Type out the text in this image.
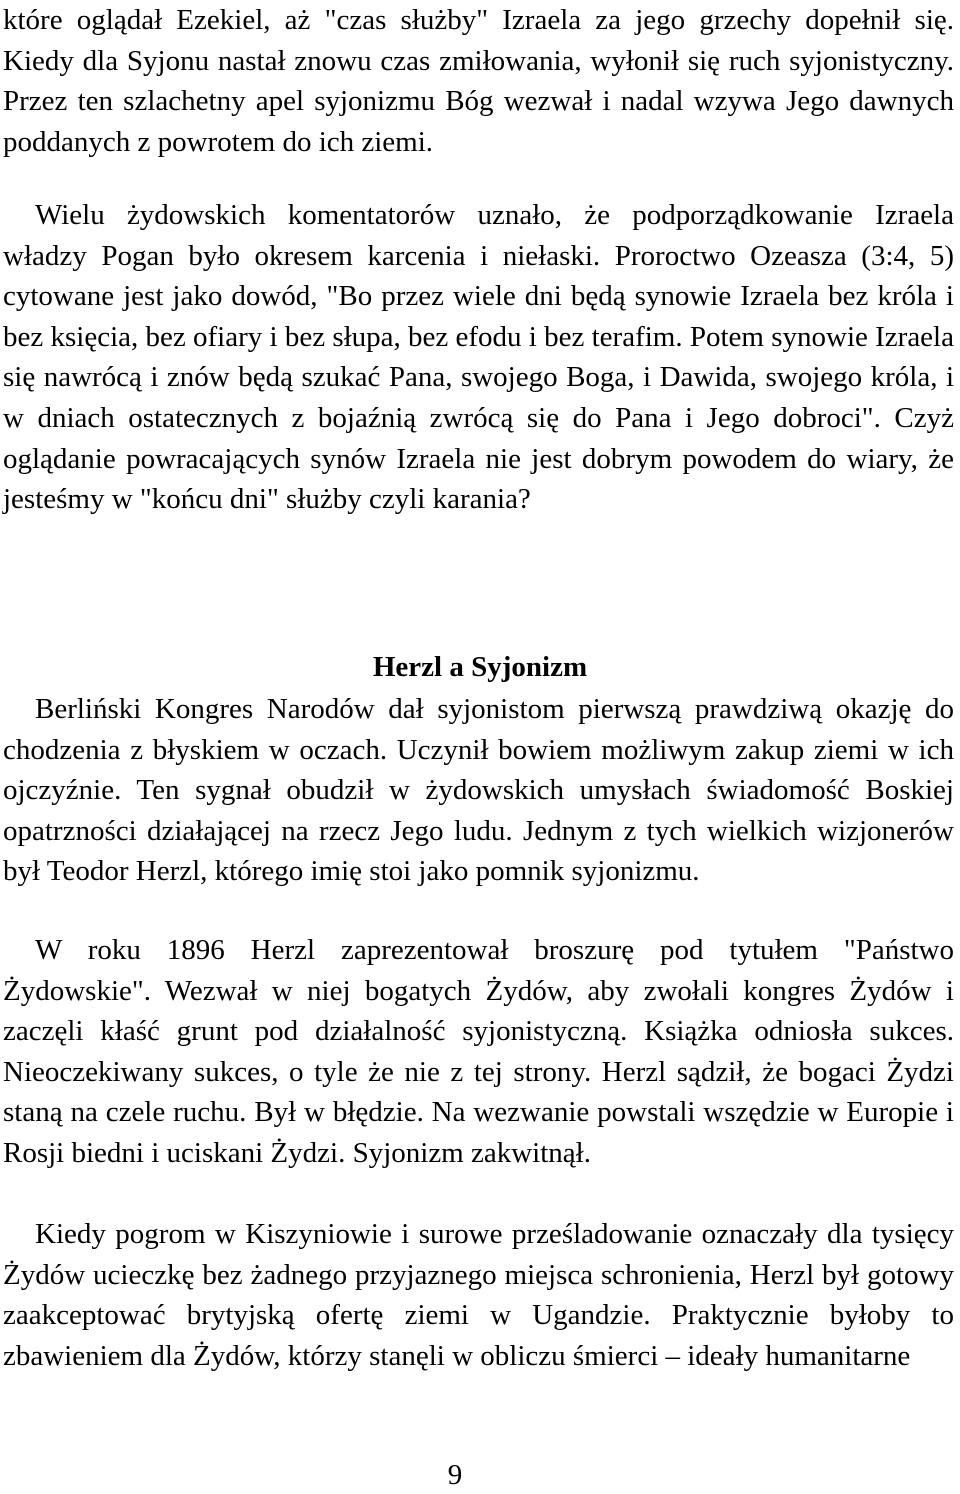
które oglądał Ezekiel, aż "czas służby" Izraela za jego grzechy dopełnił się. Kiedy dla Syjonu nastał znowu czas zmiłowania, wyłonił się ruch syjonistyczny. Przez ten szlachetny apel syjonizmu Bóg wezwał i nadal wzywa Jego dawnych poddanych z powrotem do ich ziemi.

Wielu żydowskich komentatorów uznało, że podporządkowanie Izraela władzy Pogan było okresem karcenia i niełaski. Proroctwo Ozeasza (3:4, 5) cytowane jest jako dowód, "Bo przez wiele dni będą synowie Izraela bez króla i bez księcia, bez ofiary i bez słupa, bez efodu i bez terafim. Potem synowie Izraela się nawrócą i znów będą szukać Pana, swojego Boga, i Dawida, swojego króla, i w dniach ostatecznych z bojaźnią zwrócą się do Pana i Jego dobroci". Czyż oglądanie powracających synów Izraela nie jest dobrym powodem do wiary, że jesteśmy w "końcu dni" służby czyli karania?

Herzl a Syjonizm

Berliński Kongres Narodów dał syjonistom pierwszą prawdziwą okazję do chodzenia z błyskiem w oczach. Uczynił bowiem możliwym zakup ziemi w ich ojczyźnie. Ten sygnał obudził w żydowskich umysłach świadomość Boskiej opatrzności działającej na rzecz Jego ludu. Jednym z tych wielkich wizjonerów był Teodor Herzl, którego imię stoi jako pomnik syjonizmu.

W roku 1896 Herzl zaprezentował broszurę pod tytułem "Państwo Żydowskie". Wezwał w niej bogatych Żydów, aby zwołali kongres Żydów i zaczęli kłaść grunt pod działalność syjonistyczną. Książka odniosła sukces. Nieoczekiwany sukces, o tyle że nie z tej strony. Herzl sądził, że bogaci Żydzi staną na czele ruchu. Był w błędzie. Na wezwanie powstali wszędzie w Europie i Rosji biedni i uciskani Żydzi. Syjonizm zakwitnął.

Kiedy pogrom w Kiszyniowie i surowe prześladowanie oznaczały dla tysięcy Żydów ucieczkę bez żadnego przyjaznego miejsca schronienia, Herzl był gotowy zaakceptować brytyjską ofertę ziemi w Ugandzie. Praktycznie byłoby to zbawieniem dla Żydów, którzy stanęli w obliczu śmierci – ideały humanitarne

9
